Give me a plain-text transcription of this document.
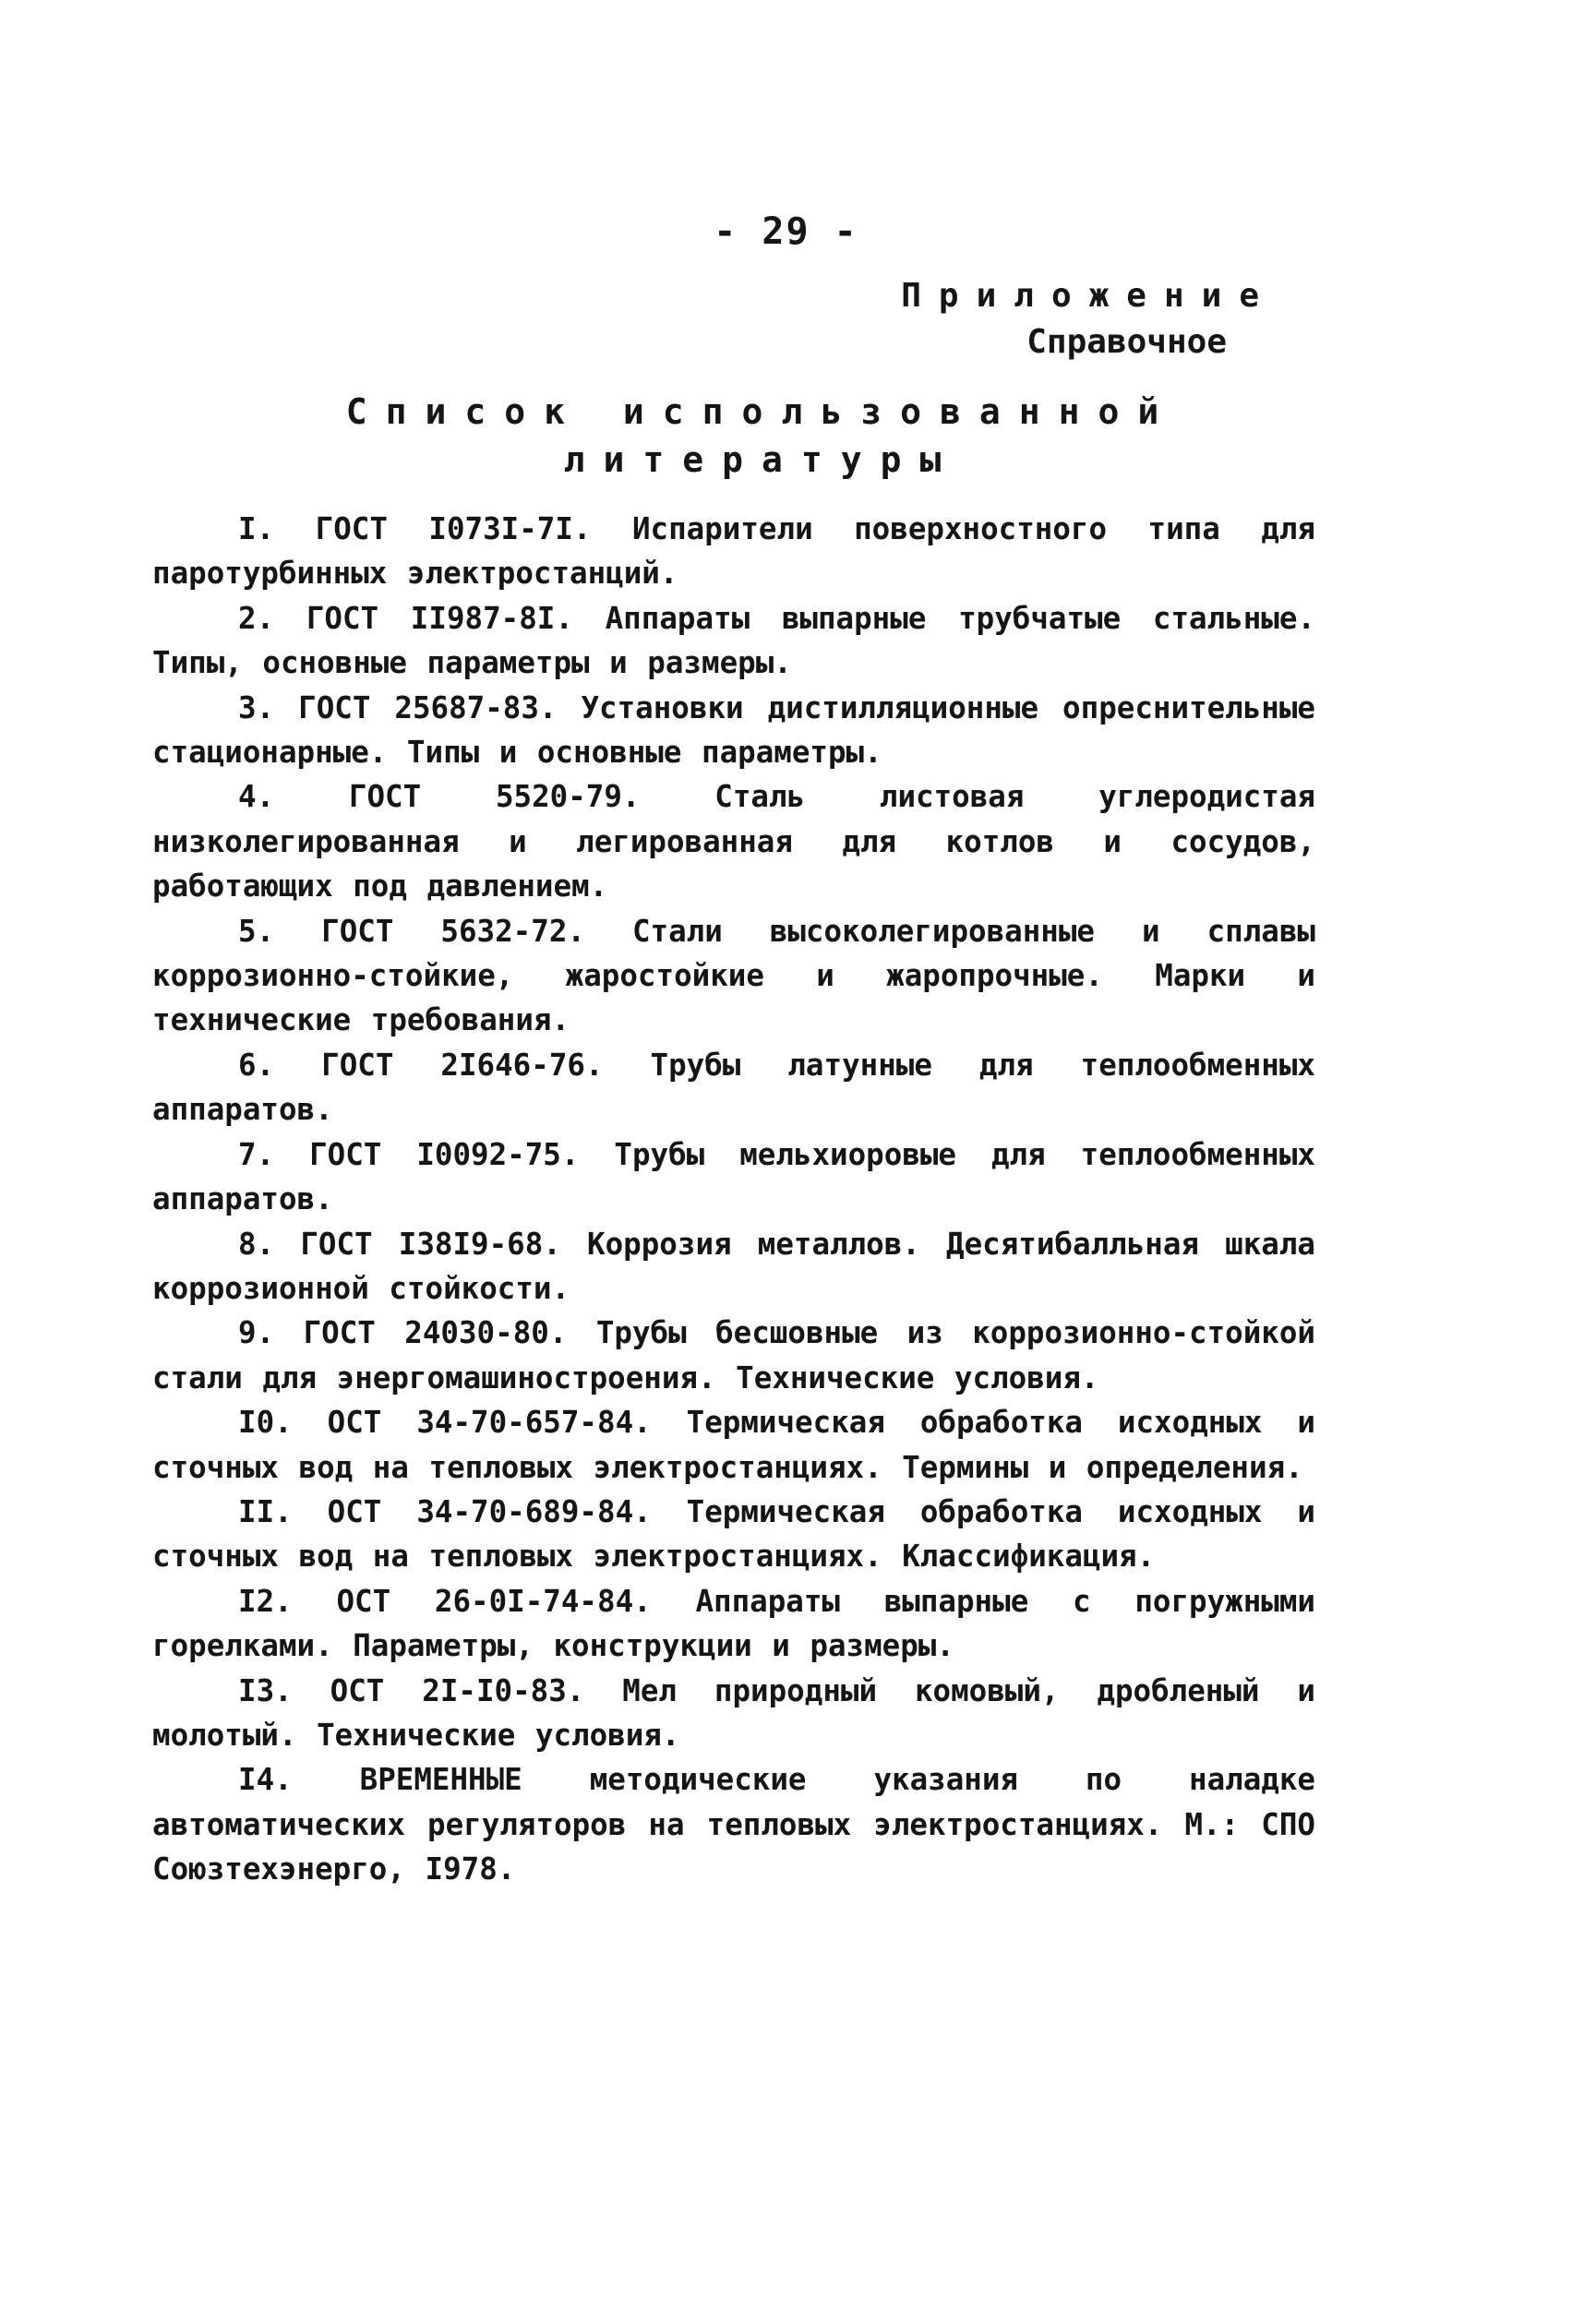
- 29 -
Приложение
Справочное
Список использованной
литературы

I. ГОСТ I073I-7I. Испарители поверхностного типа для паротурбинных электростанций.

2. ГОСТ II987-8I. Аппараты выпарные трубчатые стальные. Типы, основные параметры и размеры.

3. ГОСТ 25687-83. Установки дистилляционные опреснительные стационарные. Типы и основные параметры.

4. ГОСТ 5520-79. Сталь листовая углеродистая низколегированная и легированная для котлов и сосудов, работающих под давлением.

5. ГОСТ 5632-72. Стали высоколегированные и сплавы коррозионно-стойкие, жаростойкие и жаропрочные. Марки и технические требования.

6. ГОСТ 2I646-76. Трубы латунные для теплообменных аппаратов.

7. ГОСТ I0092-75. Трубы мельхиоровые для теплообменных аппаратов.

8. ГОСТ I38I9-68. Коррозия металлов. Десятибалльная шкала коррозионной стойкости.

9. ГОСТ 24030-80. Трубы бесшовные из коррозионно-стойкой стали для энергомашиностроения. Технические условия.

I0. ОСТ 34-70-657-84. Термическая обработка исходных и сточных вод на тепловых электростанциях. Термины и определения.

II. ОСТ 34-70-689-84. Термическая обработка исходных и сточных вод на тепловых электростанциях. Классификация.

I2. ОСТ 26-0I-74-84. Аппараты выпарные с погружными горелками. Параметры, конструкции и размеры.

I3. ОСТ 2I-I0-83. Мел природный комовый, дробленый и молотый. Технические условия.

I4. ВРЕМЕННЫЕ методические указания по наладке автоматических регуляторов на тепловых электростанциях. М.: СПО Союзтехэнерго, I978.
